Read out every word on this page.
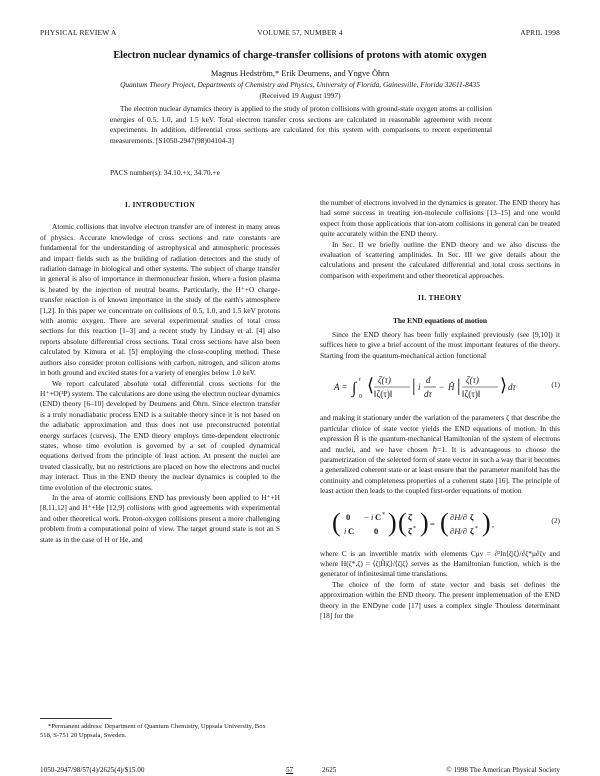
PHYSICAL REVIEW A	VOLUME 57, NUMBER 4	APRIL 1998
Electron nuclear dynamics of charge-transfer collisions of protons with atomic oxygen
Magnus Hedström,* Erik Deumens, and Yngve Öhrn
Quantum Theory Project, Departments of Chemistry and Physics, University of Florida, Gainesville, Florida 32611-8435
(Received 19 August 1997)

The electron nuclear dynamics theory is applied to the study of proton collisions with ground-state oxygen atoms at collision energies of 0.5, 1.0, and 1.5 keV. Total electron transfer cross sections are calculated in reasonable agreement with recent experiments. In addition, differential cross sections are calculated for this system with comparisons to recent experimental measurements. [S1050-2947(98)04104-3]

PACS number(s): 34.10.+x, 34.70.+e
I. INTRODUCTION

Atomic collisions that involve electron transfer are of interest in many areas of physics. Accurate knowledge of cross sections and rate constants are fundamental for the understanding of astrophysical and atmospheric processes and impact fields such as the building of radiation detectors and the study of radiation damage in biological and other systems. The subject of charge transfer in general is also of importance in thermonuclear fusion, where a fusion plasma is heated by the injection of neutral beams. Particularly, the H⁺+O charge-transfer reaction is of known importance in the study of the earth's atmosphere [1,2]. In this paper we concentrate on collisions of 0.5, 1.0, and 1.5 keV protons with atomic oxygen. There are several experimental studies of total cross sections for this reaction [1–3] and a recent study by Lindsay et al. [4] also reports absolute differential cross sections. Total cross sections have also been calculated by Kimura et al. [5] employing the close-coupling method. These authors also consider proton collisions with carbon, nitrogen, and silicon atoms in both ground and excited states for a variety of energies below 1.0 keV.

We report calculated absolute total differential cross sections for the H⁺+O(³P) system. The calculations are done using the electron nuclear dynamics (END) theory [6–10] developed by Deumens and Öhrn. Since electron transfer is a truly nonadiabatic process END is a suitable theory since it is not based on the adiabatic approximation and thus does not use preconstructed potential energy surfaces (curves). The END theory employs time-dependent electronic states, whose time evolution is governed by a set of coupled dynamical equations derived from the principle of least action. At present the nuclei are treated classically, but no restrictions are placed on how the electrons and nuclei may interact. Thus in the END theory the nuclear dynamics is coupled to the time evolution of the electronic states.

In the area of atomic collisions END has previously been applied to H⁺+H [8,11,12] and H⁺+He [12,9] collisions with good agreements with experimental and other theoretical work. Proton-oxygen collisions present a more challenging problem from a computational point of view. The target ground state is not an S state as in the case of H or He, and

the number of electrons involved in the dynamics is greater. The END theory has had some success in treating ion-molecule collisions [13–15] and one would expect from those applications that ion-atom collisions in general can be treated quite accurately within the END theory.

In Sec. II we briefly outline the END theory and we also discuss the evaluation of scattering amplitudes. In Sec. III we give details about the calculations and present the calculated differential and total cross sections in comparison with experiment and other theoretical approaches.

II. THEORY
The END equations of motion

Since the END theory has been fully explained previously (see [9,10]) it suffices here to give a brief account of the most important features of the theory. Starting from the quantum-mechanical action functional

A = ∫ t
0
⟨ ζ(τ)
‖ζ(τ)‖ | i
d
dτ
− Ĥ | ζ(τ)
‖ζ(τ)‖ ⟩ dτ	(1)

and making it stationary under the variation of the parameters ζ that describe the particular choice of state vector yields the END equations of motion. In this expression Ĥ is the quantum-mechanical Hamiltonian of the system of electrons and nuclei, and we have chosen ℏ=1. It is advantageous to choose the parametrization of the selected form of state vector in such a way that it becomes a generalized coherent state or at least ensure that the parameter manifold has the continuity and completeness properties of a coherent state [16]. The principle of least action then leads to the coupled first-order equations of motion

( 0 − i C *
i C 0 ) ( ζ̇
ζ̇ * ) = ( ∂H/∂ ζ
∂H/∂ ζ * ) ,	(2)

where C is an invertible matrix with elements Cμν = ∂²ln⟨ζ|ζ⟩/∂ζ*μ∂ζν and where H(ζ*,ζ) = ⟨ζ|Ĥ|ζ⟩/⟨ζ|ζ⟩ serves as the Hamiltonian function, which is the generator of infinitesimal time translations.

The choice of the form of state vector and basis set defines the approximation within the END theory. The present implementation of the END theory in the ENDyne code [17] uses a complex single Thouless determinant [18] for the

*Permanent address: Department of Quantum Chemistry, Uppsala University, Box 518, S-751 20 Uppsala, Sweden.

1050-2947/98/57(4)/2625(4)/$15.00	57	2625	© 1998 The American Physical Society
